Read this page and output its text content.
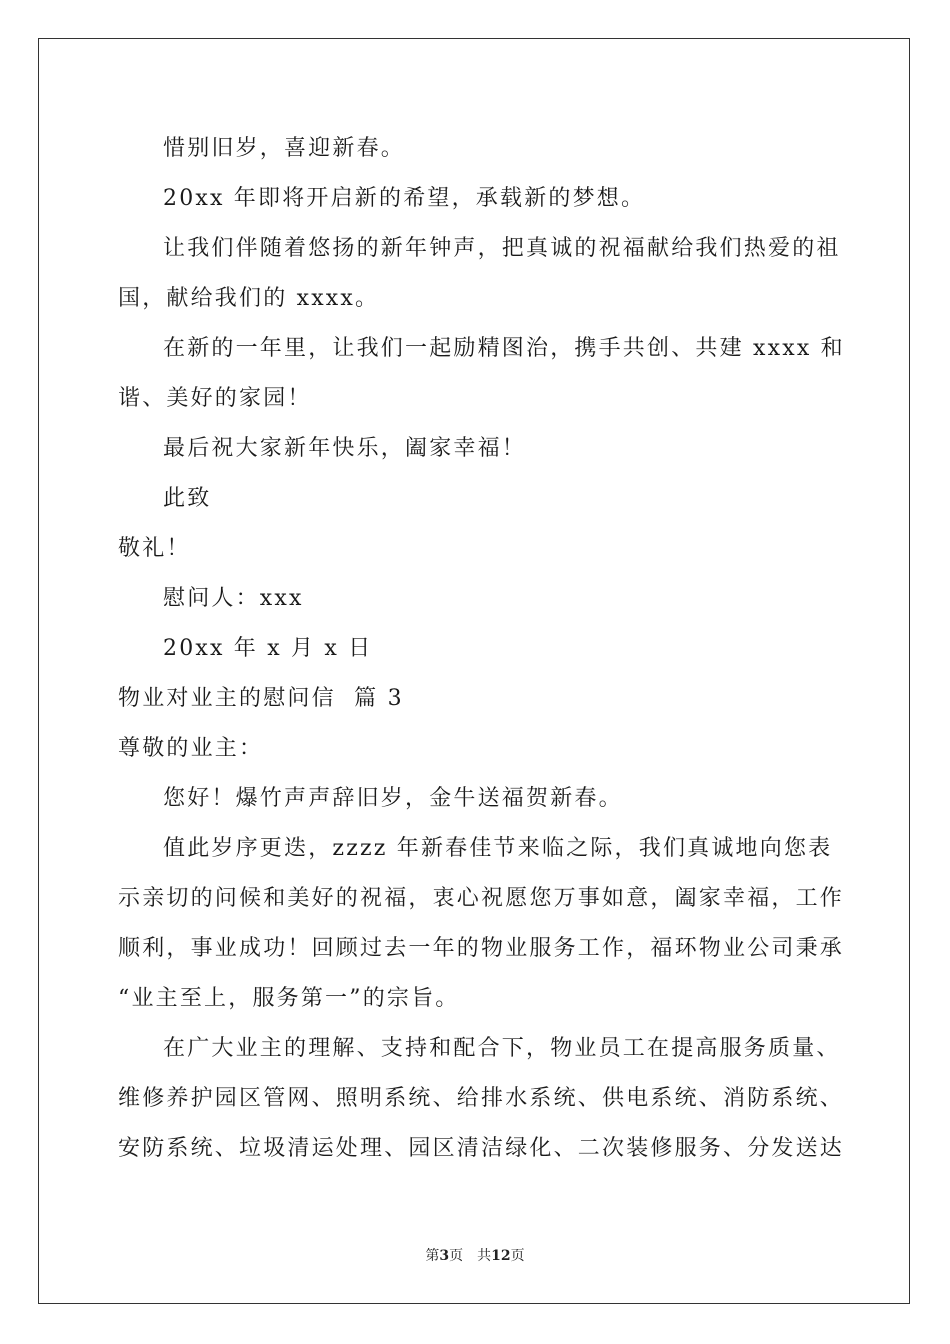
惜别旧岁，喜迎新春。
20xx 年即将开启新的希望，承载新的梦想。
让我们伴随着悠扬的新年钟声，把真诚的祝福献给我们热爱的祖
国，献给我们的 xxxx。
在新的一年里，让我们一起励精图治，携手共创、共建 xxxx 和
谐、美好的家园！
最后祝大家新年快乐，阖家幸福！
此致
敬礼！
慰问人：xxx
20xx 年 x 月 x 日
物业对业主的慰问信  篇 3
尊敬的业主：
您好！爆竹声声辞旧岁，金牛送福贺新春。
值此岁序更迭，zzzz 年新春佳节来临之际，我们真诚地向您表
示亲切的问候和美好的祝福，衷心祝愿您万事如意，阖家幸福，工作
顺利，事业成功！回顾过去一年的物业服务工作，福环物业公司秉承
“业主至上，服务第一”的宗旨。
在广大业主的理解、支持和配合下，物业员工在提高服务质量、
维修养护园区管网、照明系统、给排水系统、供电系统、消防系统、
安防系统、垃圾清运处理、园区清洁绿化、二次装修服务、分发送达
第3页 共12页
